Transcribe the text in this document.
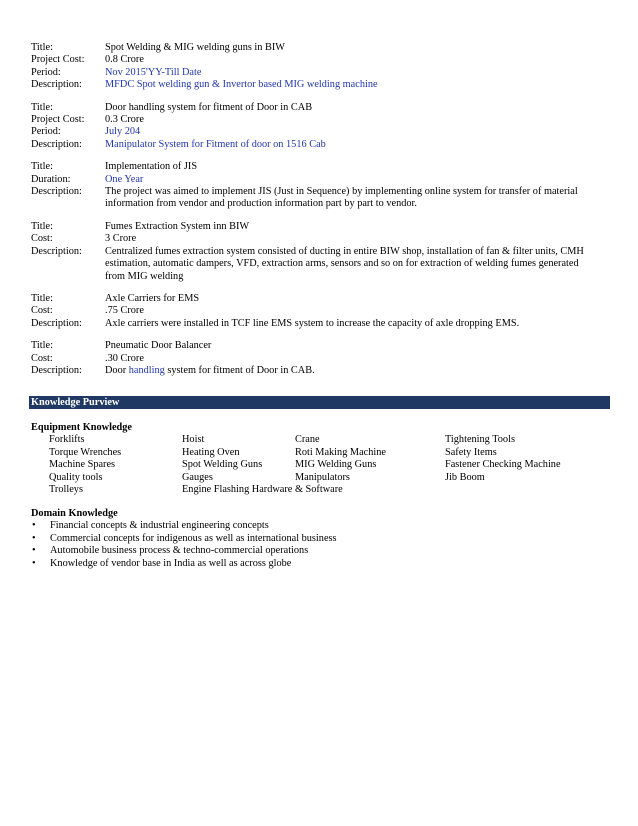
Title:	Spot Welding & MIG welding guns in BIW
Project Cost:	0.8 Crore
Period:	Nov 2015'YY-Till Date
Description:	MFDC Spot welding gun & Invertor based MIG welding machine
Title:	Door handling system for fitment of Door in CAB
Project Cost:	0.3 Crore
Period:	July 204
Description:	Manipulator System for Fitment of door on 1516 Cab
Title:	Implementation of JIS
Duration:	One Year
Description:	The project was aimed to implement JIS (Just in Sequence) by implementing online system for transfer of material information from vendor and production information part by part to vendor.
Title:	Fumes Extraction System inn BIW
Cost:	3 Crore
Description:	Centralized fumes extraction system consisted of ducting in entire BIW shop, installation of fan & filter units, CMH estimation, automatic dampers, VFD, extraction arms, sensors and so on for extraction of welding fumes generated from MIG welding
Title:	Axle Carriers for EMS
Cost:	.75 Crore
Description:	Axle carriers were installed in TCF line EMS system to increase the capacity of axle dropping EMS.
Title:	Pneumatic Door Balancer
Cost:	.30 Crore
Description:	Door handling system for fitment of Door in CAB.
Knowledge Purview
Equipment Knowledge
Forklifts	Hoist	Crane	Tightening Tools
Torque Wrenches	Heating Oven	Roti Making Machine	Safety Items
Machine Spares	Spot Welding Guns	MIG Welding Guns	Fastener Checking Machine
Quality tools	Gauges	Manipulators	Jib Boom
Trolleys	Engine Flashing Hardware & Software
Domain Knowledge
• Financial concepts & industrial engineering concepts
• Commercial concepts for indigenous as well as international business
• Automobile business process & techno-commercial operations
• Knowledge of vendor base in India as well as across globe
